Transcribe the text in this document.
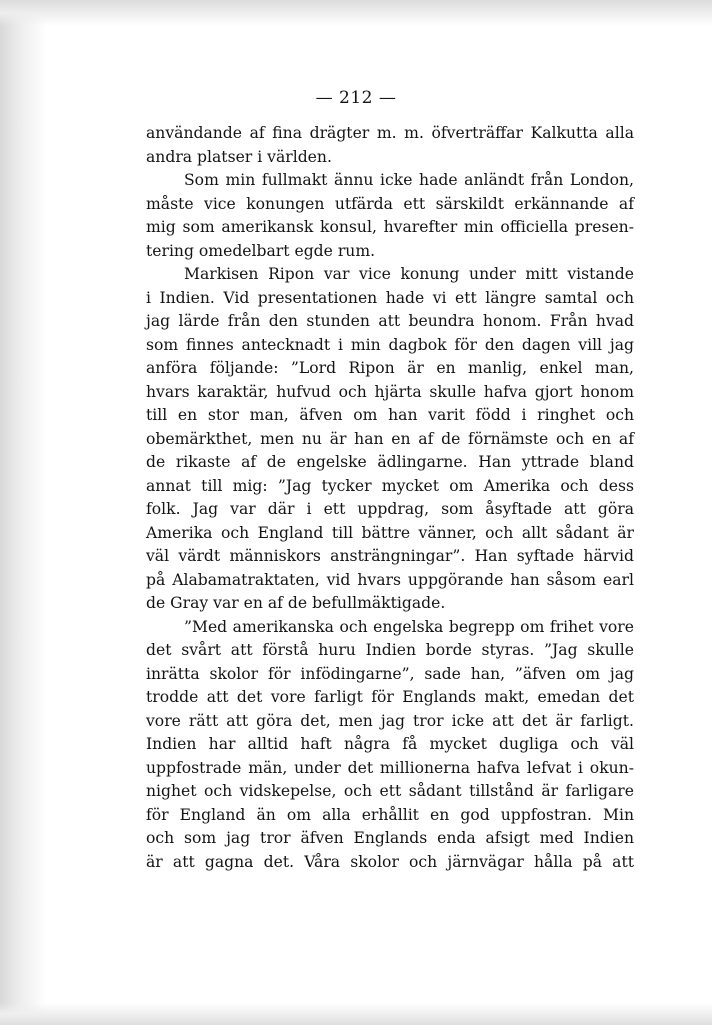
— 212 —
användande af fina drägter m. m. öfverträffar Kalkutta alla
andra platser i världen.
Som min fullmakt ännu icke hade anländt från London,
måste vice konungen utfärda ett särskildt erkännande af
mig som amerikansk konsul, hvarefter min officiella presen-
tering omedelbart egde rum.
Markisen Ripon var vice konung under mitt vistande
i Indien. Vid presentationen hade vi ett längre samtal och
jag lärde från den stunden att beundra honom. Från hvad
som finnes antecknadt i min dagbok för den dagen vill jag
anföra följande: ”Lord Ripon är en manlig, enkel man,
hvars karaktär, hufvud och hjärta skulle hafva gjort honom
till en stor man, äfven om han varit född i ringhet och
obemärkthet, men nu är han en af de förnämste och en af
de rikaste af de engelske ädlingarne. Han yttrade bland
annat till mig: ”Jag tycker mycket om Amerika och dess
folk. Jag var där i ett uppdrag, som åsyftade att göra
Amerika och England till bättre vänner, och allt sådant är
väl värdt människors ansträngningar”. Han syftade härvid
på Alabamatraktaten, vid hvars uppgörande han såsom earl
de Gray var en af de befullmäktigade.
”Med amerikanska och engelska begrepp om frihet vore
det svårt att förstå huru Indien borde styras. ”Jag skulle
inrätta skolor för infödingarne”, sade han, ”äfven om jag
trodde att det vore farligt för Englands makt, emedan det
vore rätt att göra det, men jag tror icke att det är farligt.
Indien har alltid haft några få mycket dugliga och väl
uppfostrade män, under det millionerna hafva lefvat i okun-
nighet och vidskepelse, och ett sådant tillstånd är farligare
för England än om alla erhållit en god uppfostran. Min
och som jag tror äfven Englands enda afsigt med Indien
är att gagna det. Våra skolor och järnvägar hålla på att
